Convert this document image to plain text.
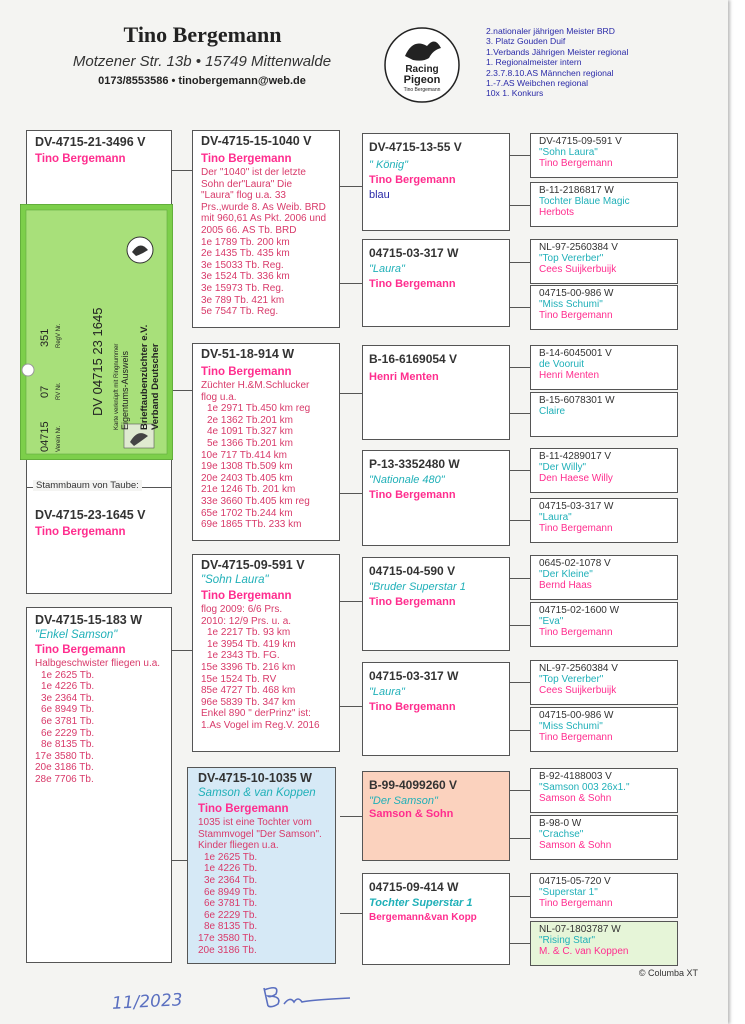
Tino Bergemann
Motzener Str. 13b • 15749 Mittenwalde
0173/8553586 • tinobergemann@web.de
Racing
Pigeon
Tino Bergemann
2.nationaler jährigen Meister BRD
3. Platz Gouden Duif
1.Verbands Jährigen Meister regional
1. Regionalmeister intern
2.3.7.8.10.AS Männchen regional
1.-7.AS Weibchen regional
10x 1. Konkurs
DV-4715-21-3496 V
Tino Bergemann
Verband Deutscher
Brieftaubenzüchter e.V.
Eigentums-Ausweis
Karte verknüpft mit Ringnummer
DV 04715 23 1645
RegV Nr.
351
RV Nr.
07
Verein Nr.
04715
Stammbaum von Taube:
DV-4715-23-1645 V
Tino Bergemann
DV-4715-15-183 W
"Enkel Samson"
Tino Bergemann
Halbgeschwister fliegen u.a.
1e 2625 Tb.
1e 4226 Tb.
3e 2364 Tb.
6e 8949 Tb.
6e 3781 Tb.
6e 2229 Tb.
8e 8135 Tb.
17e 3580 Tb.
20e 3186 Tb.
28e 7706 Tb.
DV-4715-15-1040 V
Tino Bergemann
Der "1040" ist der letzte
Sohn der"Laura" Die
"Laura" flog u.a. 33
Prs.,wurde 8. As Weib. BRD
mit 960,61 As Pkt. 2006 und
2005 66. AS Tb. BRD
1e 1789 Tb. 200 km
2e 1435 Tb. 435 km
3e 15033 Tb. Reg.
3e 1524 Tb. 336 km
3e 15973 Tb. Reg.
3e 789 Tb. 421 km
5e 7547 Tb. Reg.
DV-51-18-914 W
Tino Bergemann
Züchter H.&M.Schlucker
flog u.a.
1e 2971 Tb.450 km reg
2e 1362 Tb.201 km
4e 1091 Tb.327 km
5e 1366 Tb.201 km
10e 717 Tb.414 km
19e 1308 Tb.509 km
20e 2403 Tb.405 km
21e 1246 Tb. 201 km
33e 3660 Tb.405 km reg
65e 1702 Tb.244 km
69e 1865 TTb. 233 km
DV-4715-09-591 V
"Sohn Laura"
Tino Bergemann
flog 2009: 6/6 Prs.
2010: 12/9 Prs. u. a.
1e 2217 Tb. 93 km
1e 3954 Tb. 419 km
1e 2343 Tb. FG.
15e 3396 Tb. 216 km
15e 1524 Tb. RV
85e 4727 Tb. 468 km
96e 5839 Tb. 347 km
Enkel 890 " derPrinz" ist:
1.As Vogel im Reg.V. 2016
DV-4715-10-1035 W
Samson & van Koppen
Tino Bergemann
1035 ist eine Tochter vom
Stammvogel "Der Samson".
Kinder fliegen u.a.
1e 2625 Tb.
1e 4226 Tb.
3e 2364 Tb.
6e 8949 Tb.
6e 3781 Tb.
6e 2229 Tb.
8e 8135 Tb.
17e 3580 Tb.
20e 3186 Tb.
DV-4715-13-55 V
" König"
Tino Bergemann
blau
04715-03-317 W
"Laura"
Tino Bergemann
B-16-6169054 V
Henri Menten
P-13-3352480 W
"Nationale 480"
Tino Bergemann
04715-04-590 V
"Bruder Superstar 1
Tino Bergemann
04715-03-317 W
"Laura"
Tino Bergemann
B-99-4099260 V
"Der Samson"
Samson & Sohn
04715-09-414 W
Tochter Superstar 1
Bergemann&van Kopp
DV-4715-09-591 V
"Sohn Laura"
Tino Bergemann
B-11-2186817 W
Tochter Blaue Magic
Herbots
NL-97-2560384 V
"Top Vererber"
Cees Suijkerbuijk
04715-00-986 W
"Miss Schumi"
Tino Bergemann
B-14-6045001 V
de Vooruit
Henri Menten
B-15-6078301 W
Claire
B-11-4289017 V
"Der Willy"
Den Haese Willy
04715-03-317 W
"Laura"
Tino Bergemann
0645-02-1078 V
"Der Kleine"
Bernd Haas
04715-02-1600 W
"Eva"
Tino Bergemann
NL-97-2560384 V
"Top Vererber"
Cees Suijkerbuijk
04715-00-986 W
"Miss Schumi"
Tino Bergemann
B-92-4188003 V
"Samson 003 26x1."
Samson & Sohn
B-98-0 W
"Crachse"
Samson & Sohn
04715-05-720 V
"Superstar 1"
Tino Bergemann
NL-07-1803787 W
"Rising Star"
M. & C. van Koppen
© Columba XT
11/2023
